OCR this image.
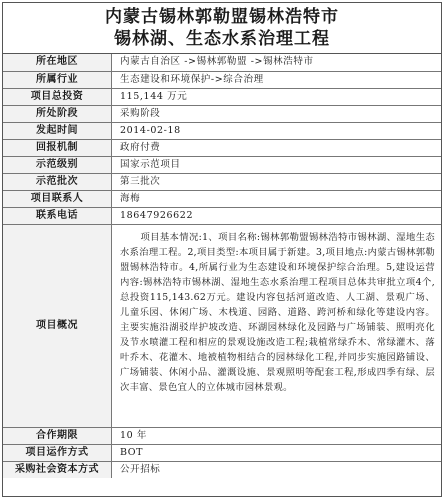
内蒙古锡林郭勒盟锡林浩特市
锡林湖、生态水系治理工程
所在地区	内蒙古自治区 ->锡林郭勒盟 ->锡林浩特市
所属行业	生态建设和环境保护->综合治理
项目总投资	115,144 万元
所处阶段	采购阶段
发起时间	2014-02-18
回报机制	政府付费
示范级别	国家示范项目
示范批次	第三批次
项目联系人	海梅
联系电话	18647926622
项目概况	项目基本情况:1、项目名称:锡林郭勒盟锡林浩特市锡林湖、湿地生态水系治理工程。2,项目类型:本项目属于新建。3,项目地点:内蒙古锡林郭勒盟锡林浩特市。4,所属行业为生态建设和环境保护综合治理。5,建设运营内容:锡林浩特市锡林湖、湿地生态水系治理工程项目总体共审批立项4个,总投资115,143.62万元。建设内容包括河道改造、人工湖、景观广场、儿童乐园、休闲广场、木栈道、园路、道路、跨河桥和绿化等建设内容。主要实施沿湖驳岸护坡改造、环湖园林绿化及园路与广场铺装、照明亮化及节水喷灌工程和相应的景观设施改造工程;栽植常绿乔木、常绿灌木、落叶乔木、花灌木、地被植物相结合的园林绿化工程,并同步实施园路铺设、广场铺装、休闲小品、灌溉设施、景观照明等配套工程,形成四季有绿、层次丰富、景色宜人的立体城市园林景观。
合作期限	10 年
项目运作方式	BOT
采购社会资本方式	公开招标
